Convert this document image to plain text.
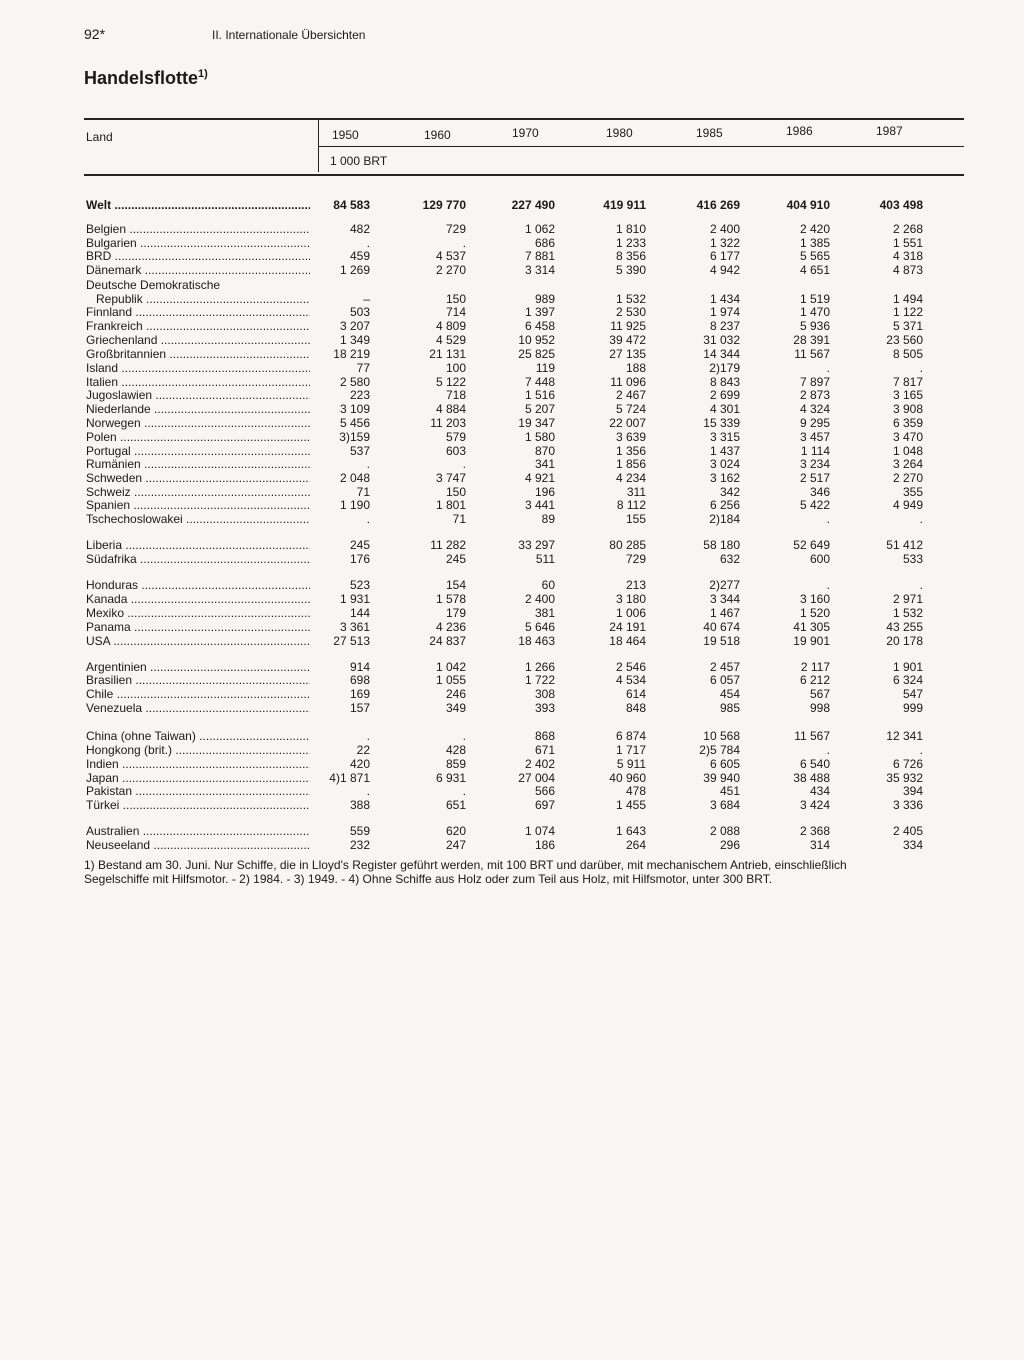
92*	II. Internationale Übersichten
Handelsflotte$^{1)}$
Land	1950	1960	1970	1980	1985	1986	1987
1 000 BRT
Welt .....	84 583	129 770	227 490	419 911	416 269	404 910	403 498
Belgien .....	482	729	1 062	1 810	2 400	2 420	2 268
Bulgarien .....	.	.	686	1 233	1 322	1 385	1 551
BRD .....	459	4 537	7 881	8 356	6 177	5 565	4 318
Dänemark .....	1 269	2 270	3 314	5 390	4 942	4 651	4 873
Deutsche Demokratische
Republik .....	–	150	989	1 532	1 434	1 519	1 494
Finnland .....	503	714	1 397	2 530	1 974	1 470	1 122
Frankreich .....	3 207	4 809	6 458	11 925	8 237	5 936	5 371
Griechenland .....	1 349	4 529	10 952	39 472	31 032	28 391	23 560
Großbritannien .....	18 219	21 131	25 825	27 135	14 344	11 567	8 505
Island .....	77	100	119	188	2)179	.	.
Italien .....	2 580	5 122	7 448	11 096	8 843	7 897	7 817
Jugoslawien .....	223	718	1 516	2 467	2 699	2 873	3 165
Niederlande .....	3 109	4 884	5 207	5 724	4 301	4 324	3 908
Norwegen .....	5 456	11 203	19 347	22 007	15 339	9 295	6 359
Polen .....	3)159	579	1 580	3 639	3 315	3 457	3 470
Portugal .....	537	603	870	1 356	1 437	1 114	1 048
Rumänien .....	.	.	341	1 856	3 024	3 234	3 264
Schweden .....	2 048	3 747	4 921	4 234	3 162	2 517	2 270
Schweiz .....	71	150	196	311	342	346	355
Spanien .....	1 190	1 801	3 441	8 112	6 256	5 422	4 949
Tschechoslowakei .....	.	71	89	155	2)184	.	.
Liberia .....	245	11 282	33 297	80 285	58 180	52 649	51 412
Südafrika .....	176	245	511	729	632	600	533
Honduras .....	523	154	60	213	2)277	.	.
Kanada .....	1 931	1 578	2 400	3 180	3 344	3 160	2 971
Mexiko .....	144	179	381	1 006	1 467	1 520	1 532
Panama .....	3 361	4 236	5 646	24 191	40 674	41 305	43 255
USA .....	27 513	24 837	18 463	18 464	19 518	19 901	20 178
Argentinien .....	914	1 042	1 266	2 546	2 457	2 117	1 901
Brasilien .....	698	1 055	1 722	4 534	6 057	6 212	6 324
Chile .....	169	246	308	614	454	567	547
Venezuela .....	157	349	393	848	985	998	999
China (ohne Taiwan) .....	.	.	868	6 874	10 568	11 567	12 341
Hongkong (brit.) .....	22	428	671	1 717	2)5 784	.	.
Indien .....	420	859	2 402	5 911	6 605	6 540	6 726
Japan .....	4)1 871	6 931	27 004	40 960	39 940	38 488	35 932
Pakistan .....	.	.	566	478	451	434	394
Türkei .....	388	651	697	1 455	3 684	3 424	3 336
Australien .....	559	620	1 074	1 643	2 088	2 368	2 405
Neuseeland .....	232	247	186	264	296	314	334
1) Bestand am 30. Juni. Nur Schiffe, die in Lloyd's Register geführt werden, mit 100 BRT und darüber, mit mechanischem Antrieb, einschließlich
Segelschiffe mit Hilfsmotor. - 2) 1984. - 3) 1949. - 4) Ohne Schiffe aus Holz oder zum Teil aus Holz, mit Hilfsmotor, unter 300 BRT.
